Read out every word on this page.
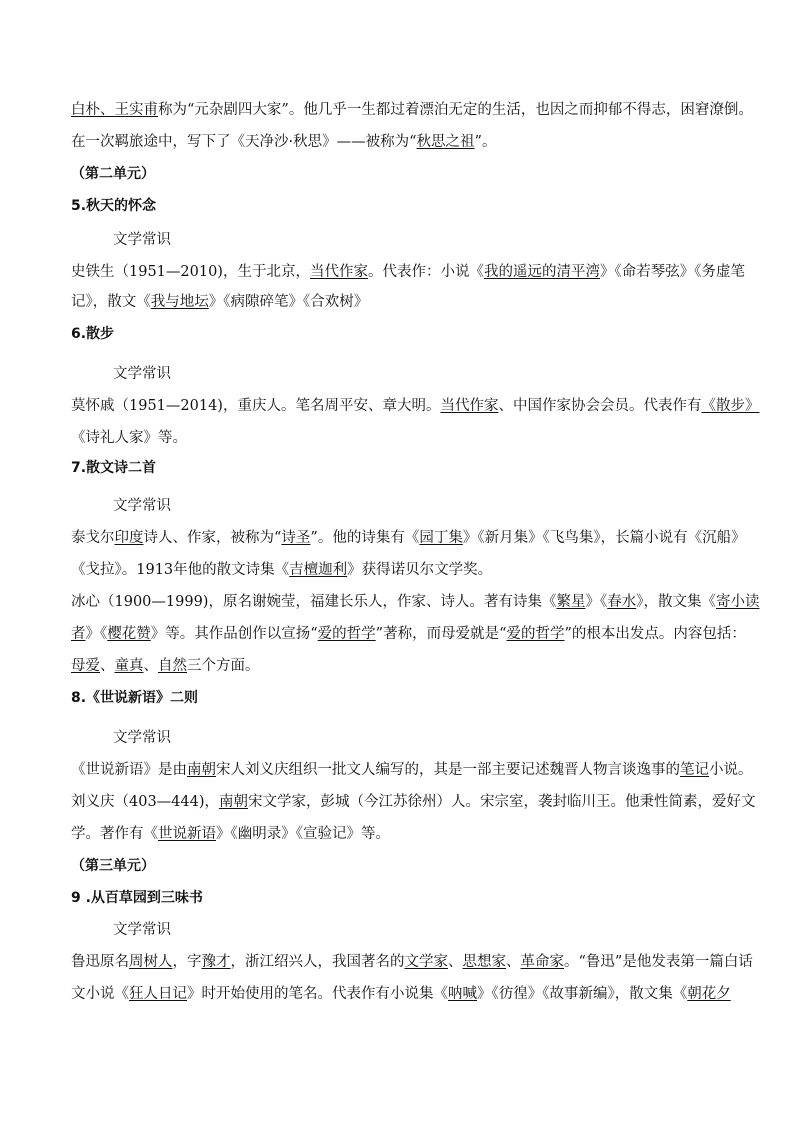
白朴、王实甫称为“元杂剧四大家”。他几乎一生都过着漂泊无定的生活，也因之而抑郁不得志，困窘潦倒。
在一次羁旅途中，写下了《天净沙·秋思》——被称为“秋思之祖”。
（第二单元）
5.秋天的怀念
文学常识
史铁生（1951—2010)，生于北京，当代作家。代表作：小说《我的遥远的清平湾》《命若琴弦》《务虚笔
记》，散文《我与地坛》《病隙碎笔》《合欢树》
6.散步
文学常识
莫怀戚（1951—2014)，重庆人。笔名周平安、章大明。当代作家、中国作家协会会员。代表作有《散步》
《诗礼人家》等。
7.散文诗二首
文学常识
泰戈尔印度诗人、作家，被称为“诗圣”。他的诗集有《园丁集》《新月集》《飞鸟集》，长篇小说有《沉船》
《戈拉》。1913年他的散文诗集《吉檀迦利》获得诺贝尔文学奖。
冰心（1900—1999)，原名谢婉莹，福建长乐人，作家、诗人。著有诗集《繁星》《春水》，散文集《寄小读
者》《樱花赞》等。其作品创作以宣扬“爱的哲学”著称，而母爱就是“爱的哲学”的根本出发点。内容包括：
母爱、童真、自然三个方面。
8.《世说新语》二则
文学常识
《世说新语》是由南朝宋人刘义庆组织一批文人编写的，其是一部主要记述魏晋人物言谈逸事的笔记小说。
刘义庆（403—444)，南朝宋文学家，彭城（今江苏徐州）人。宋宗室，袭封临川王。他秉性简素，爱好文
学。著作有《世说新语》《幽明录》《宣验记》等。
（第三单元）
9 .从百草园到三味书
文学常识
鲁迅原名周树人，字豫才，浙江绍兴人，我国著名的文学家、思想家、革命家。“鲁迅”是他发表第一篇白话
文小说《狂人日记》时开始使用的笔名。代表作有小说集《呐喊》《彷徨》《故事新编》，散文集《朝花夕
